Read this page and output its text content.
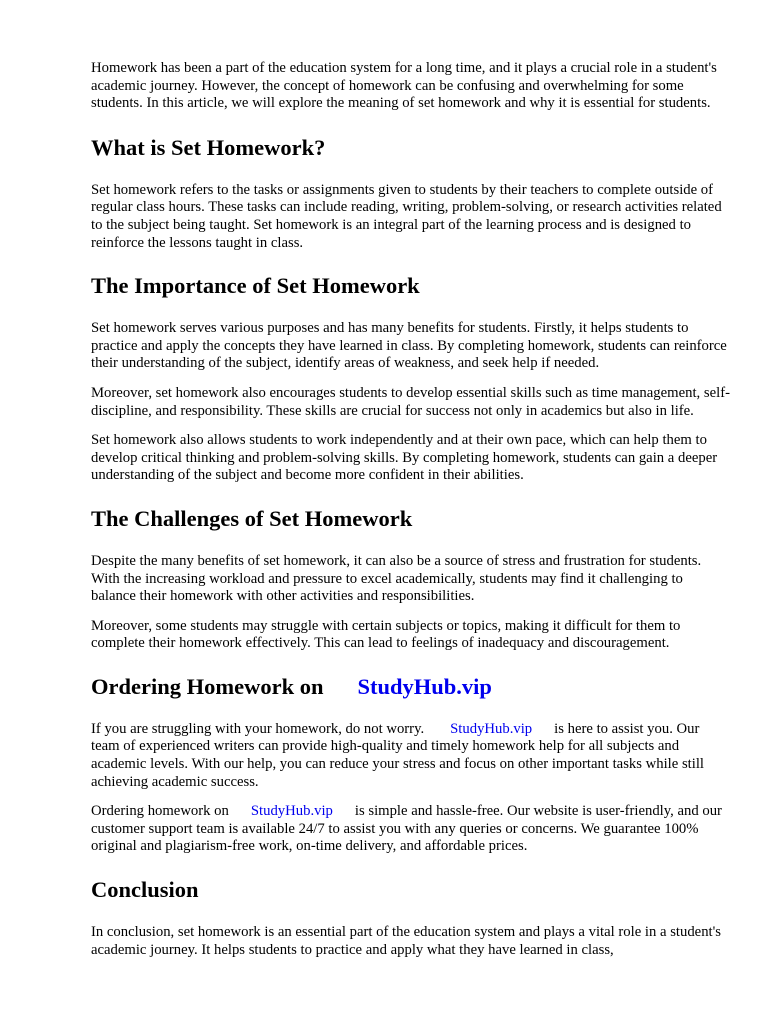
Homework has been a part of the education system for a long time, and it plays a crucial role in a student's academic journey. However, the concept of homework can be confusing and overwhelming for some students. In this article, we will explore the meaning of set homework and why it is essential for students.

What is Set Homework?

Set homework refers to the tasks or assignments given to students by their teachers to complete outside of regular class hours. These tasks can include reading, writing, problem-solving, or research activities related to the subject being taught. Set homework is an integral part of the learning process and is designed to reinforce the lessons taught in class.

The Importance of Set Homework

Set homework serves various purposes and has many benefits for students. Firstly, it helps students to practice and apply the concepts they have learned in class. By completing homework, students can reinforce their understanding of the subject, identify areas of weakness, and seek help if needed.

Moreover, set homework also encourages students to develop essential skills such as time management, self-discipline, and responsibility. These skills are crucial for success not only in academics but also in life.

Set homework also allows students to work independently and at their own pace, which can help them to develop critical thinking and problem-solving skills. By completing homework, students can gain a deeper understanding of the subject and become more confident in their abilities.

The Challenges of Set Homework

Despite the many benefits of set homework, it can also be a source of stress and frustration for students. With the increasing workload and pressure to excel academically, students may find it challenging to balance their homework with other activities and responsibilities.

Moreover, some students may struggle with certain subjects or topics, making it difficult for them to complete their homework effectively. This can lead to feelings of inadequacy and discouragement.

Ordering Homework on StudyHub.vip

If you are struggling with your homework, do not worry. StudyHub.vip is here to assist you. Our team of experienced writers can provide high-quality and timely homework help for all subjects and academic levels. With our help, you can reduce your stress and focus on other important tasks while still achieving academic success.

Ordering homework on StudyHub.vip is simple and hassle-free. Our website is user-friendly, and our customer support team is available 24/7 to assist you with any queries or concerns. We guarantee 100% original and plagiarism-free work, on-time delivery, and affordable prices.

Conclusion

In conclusion, set homework is an essential part of the education system and plays a vital role in a student's academic journey. It helps students to practice and apply what they have learned in class,
